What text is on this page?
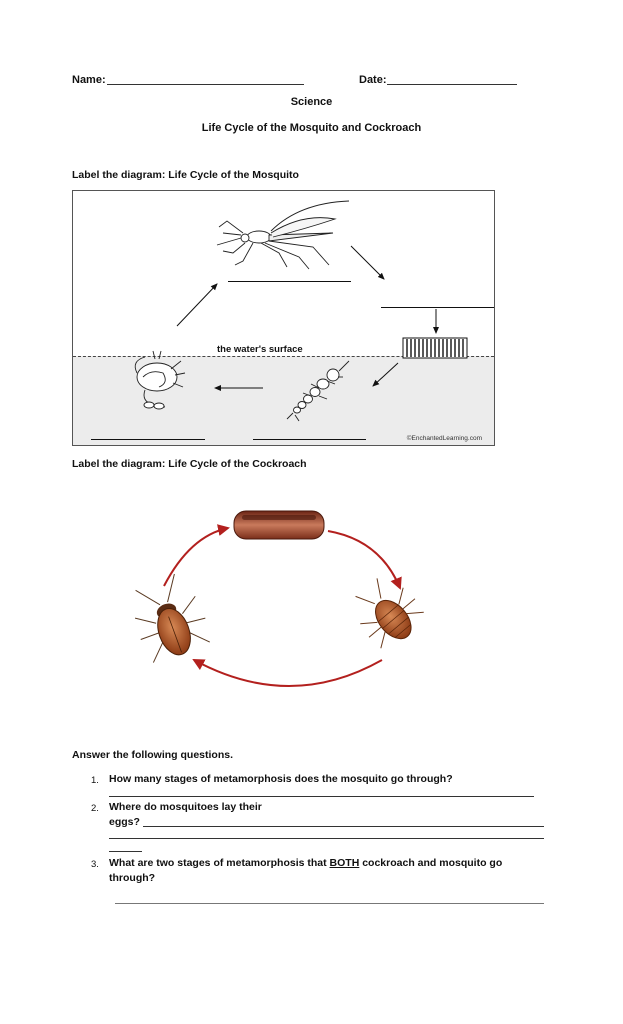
Name:	Date:
Science
Life Cycle of the Mosquito and Cockroach
Label the diagram: Life Cycle of the Mosquito
the water's surface
©EnchantedLearning.com
Label the diagram: Life Cycle of the Cockroach
Answer the following questions.
1. How many stages of metamorphosis does the mosquito go through?
2. Where do mosquitoes lay their
eggs?
3. What are two stages of metamorphosis that BOTH cockroach and mosquito go
through?
